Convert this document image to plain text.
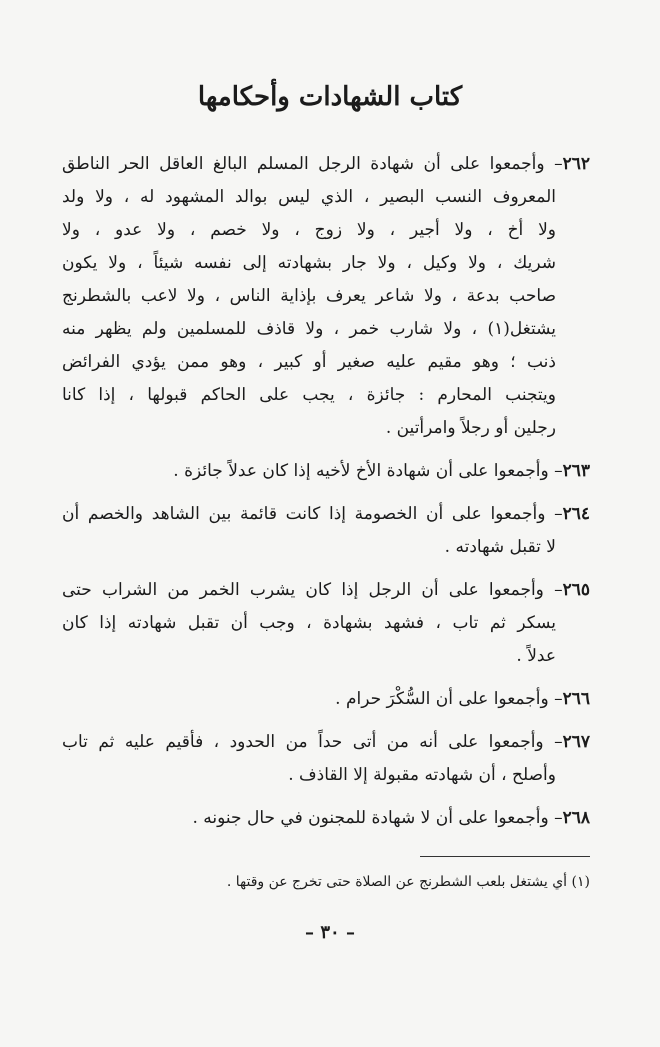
كتاب الشهادات وأحكامها
٢٦٢– وأجمعوا على أن شهادة الرجل المسلم البالغ العاقل الحر الناطق
المعروف النسب البصير ، الذي ليس بوالد المشهود له ، ولا ولد
ولا أخ ، ولا أجير ، ولا زوج ، ولا خصم ، ولا عدو ، ولا
شريك ، ولا وكيل ، ولا جار بشهادته إلى نفسه شيئاً ، ولا يكون
صاحب بدعة ، ولا شاعر يعرف بإذاية الناس ، ولا لاعب بالشطرنج
يشتغل(١) ، ولا شارب خمر ، ولا قاذف للمسلمين ولم يظهر منه
ذنب ؛ وهو مقيم عليه صغير أو كبير ، وهو ممن يؤدي الفرائض
ويتجنب المحارم : جائزة ، يجب على الحاكم قبولها ، إذا كانا
رجلين أو رجلاً وامرأتين .
٢٦٣– وأجمعوا على أن شهادة الأخ لأخيه إذا كان عدلاً جائزة .
٢٦٤– وأجمعوا على أن الخصومة إذا كانت قائمة بين الشاهد والخصم أن
لا تقبل شهادته .
٢٦٥– وأجمعوا على أن الرجل إذا كان يشرب الخمر من الشراب حتى
يسكر ثم تاب ، فشهد بشهادة ، وجب أن تقبل شهادته إذا كان
عدلاً .
٢٦٦– وأجمعوا على أن السُّكْرَ حرام .
٢٦٧– وأجمعوا على أنه من أتى حداً من الحدود ، فأقيم عليه ثم تاب
وأصلح ، أن شهادته مقبولة إلا القاذف .
٢٦٨– وأجمعوا على أن لا شهادة للمجنون في حال جنونه .
(١) أي يشتغل بلعب الشطرنج عن الصلاة حتى تخرج عن وقتها .
– ٣٠ –
